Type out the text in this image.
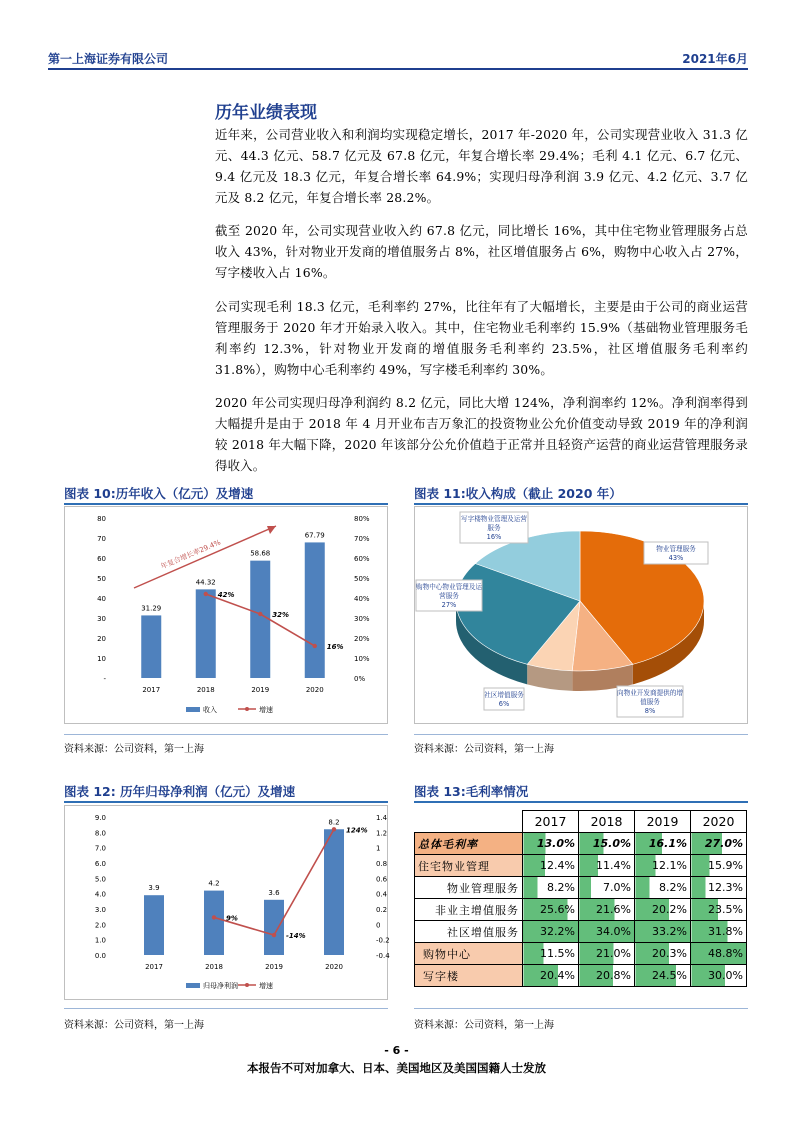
第一上海证券有限公司	2021年6月
历年业绩表现

近年来，公司营业收入和利润均实现稳定增长，2017 年-2020 年，公司实现营业收入 31.3 亿元、44.3 亿元、58.7 亿元及 67.8 亿元，年复合增长率 29.4%；毛利 4.1 亿元、6.7 亿元、9.4 亿元及 18.3 亿元，年复合增长率 64.9%；实现归母净利润 3.9 亿元、4.2 亿元、3.7 亿元及 8.2 亿元，年复合增长率 28.2%。

截至 2020 年，公司实现营业收入约 67.8 亿元，同比增长 16%，其中住宅物业管理服务占总收入 43%，针对物业开发商的增值服务占 8%，社区增值服务占 6%，购物中心收入占 27%，写字楼收入占 16%。

公司实现毛利 18.3 亿元，毛利率约 27%，比往年有了大幅增长，主要是由于公司的商业运营管理服务于 2020 年才开始录入收入。其中，住宅物业毛利率约 15.9%（基础物业管理服务毛利率约 12.3%，针对物业开发商的增值服务毛利率约 23.5%，社区增值服务毛利率约 31.8%），购物中心毛利率约 49%，写字楼毛利率约 30%。

2020 年公司实现归母净利润约 8.2 亿元，同比大增 124%，净利润率约 12%。净利润率得到大幅提升是由于 2018 年 4 月开业布吉万象汇的投资物业公允价值变动导致 2019 年的净利润较 2018 年大幅下降，2020 年该部分公允价值趋于正常并且轻资产运营的商业运营管理服务录得收入。

图表 10:历年收入（亿元）及增速
-
10
20
30
40
50
60
70
80
0%
10%
20%
30%
40%
50%
60%
70%
80%
31.29
2017
44.32
2018
58.68
2019
67.79
2020
42%
32%
16%
收入	增速
年复合增长率29.4%
资料来源：公司资料，第一上海
图表 11:收入构成（截止 2020 年）
物业管理服务
43%
向物业开发商提供的增
值服务
8%
社区增值服务
6%
购物中心物业管理及运
营服务
27%
写字楼物业管理及运营
服务
16%
资料来源：公司资料，第一上海
图表 12: 历年归母净利润（亿元）及增速
0.0
1.0
2.0
3.0
4.0
5.0
6.0
7.0
8.0
9.0
-0.4
-0.2
0
0.2
0.4
0.6
0.8
1
1.2
1.4
3.9
2017
4.2
2018
3.6
2019
8.2
2020
9%
-14%
124%
归母净利润	增速
资料来源：公司资料，第一上海
图表 13:毛利率情况
	2017	2018	2019	2020
总体毛利率	13.0%	15.0%	16.1%	27.0%
住宅物业管理	12.4%	11.4%	12.1%	15.9%
物业管理服务	8.2%	7.0%	8.2%	12.3%
非业主增值服务	25.6%	21.6%	20.2%	23.5%
社区增值服务	32.2%	34.0%	33.2%	31.8%
购物中心	11.5%	21.0%	20.3%	48.8%
写字楼	20.4%	20.8%	24.5%	30.0%
资料来源：公司资料，第一上海
- 6 -
本报告不可对加拿大、日本、美国地区及美国国籍人士发放
